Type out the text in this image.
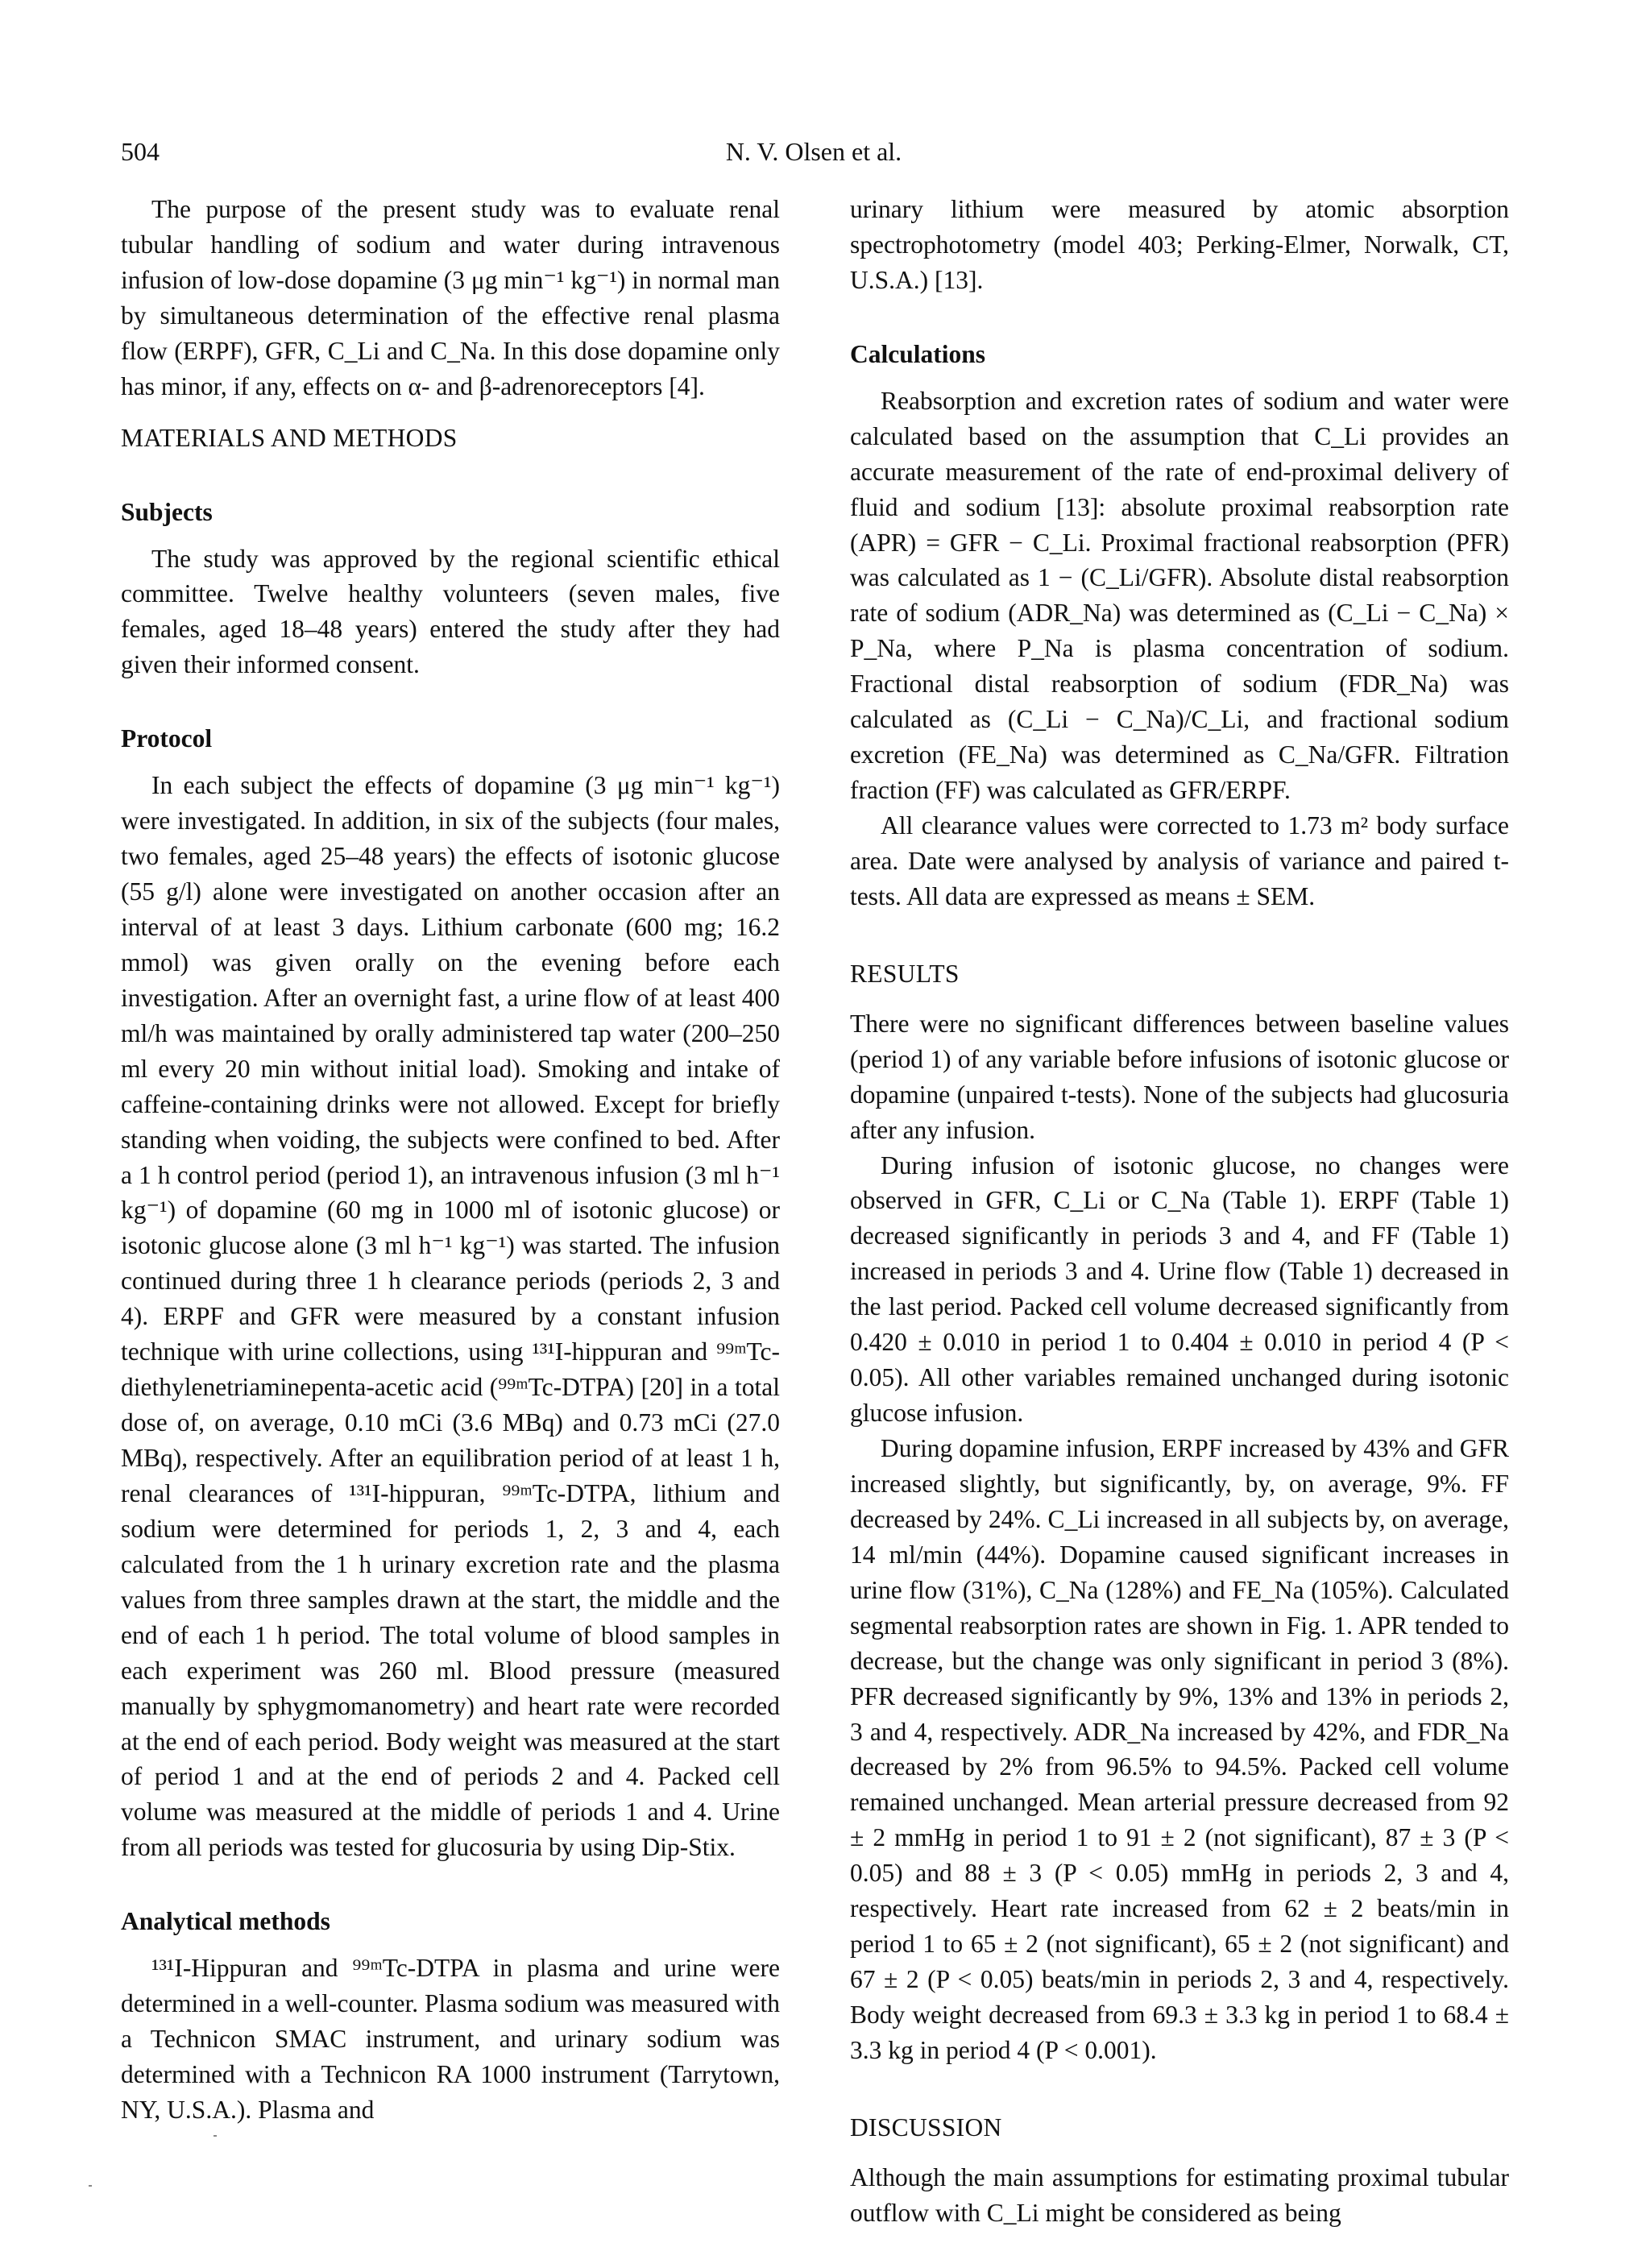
504	N. V. Olsen et al.

The purpose of the present study was to evaluate renal tubular handling of sodium and water during intravenous infusion of low-dose dopamine (3 μg min⁻¹ kg⁻¹) in normal man by simultaneous determination of the effective renal plasma flow (ERPF), GFR, C_Li and C_Na. In this dose dopamine only has minor, if any, effects on α- and β-adrenoreceptors [4].

MATERIALS AND METHODS
Subjects

The study was approved by the regional scientific ethical committee. Twelve healthy volunteers (seven males, five females, aged 18–48 years) entered the study after they had given their informed consent.

Protocol

In each subject the effects of dopamine (3 μg min⁻¹ kg⁻¹) were investigated. In addition, in six of the subjects (four males, two females, aged 25–48 years) the effects of isotonic glucose (55 g/l) alone were investigated on another occasion after an interval of at least 3 days. Lithium carbonate (600 mg; 16.2 mmol) was given orally on the evening before each investigation. After an overnight fast, a urine flow of at least 400 ml/h was maintained by orally administered tap water (200–250 ml every 20 min without initial load). Smoking and intake of caffeine-containing drinks were not allowed. Except for briefly standing when voiding, the subjects were confined to bed. After a 1 h control period (period 1), an intravenous infusion (3 ml h⁻¹ kg⁻¹) of dopamine (60 mg in 1000 ml of isotonic glucose) or isotonic glucose alone (3 ml h⁻¹ kg⁻¹) was started. The infusion continued during three 1 h clearance periods (periods 2, 3 and 4). ERPF and GFR were measured by a constant infusion technique with urine collections, using ¹³¹I-hippuran and ⁹⁹ᵐTc-diethylenetriaminepenta-acetic acid (⁹⁹ᵐTc-DTPA) [20] in a total dose of, on average, 0.10 mCi (3.6 MBq) and 0.73 mCi (27.0 MBq), respectively. After an equilibration period of at least 1 h, renal clearances of ¹³¹I-hippuran, ⁹⁹ᵐTc-DTPA, lithium and sodium were determined for periods 1, 2, 3 and 4, each calculated from the 1 h urinary excretion rate and the plasma values from three samples drawn at the start, the middle and the end of each 1 h period. The total volume of blood samples in each experiment was 260 ml. Blood pressure (measured manually by sphygmomanometry) and heart rate were recorded at the end of each period. Body weight was measured at the start of period 1 and at the end of periods 2 and 4. Packed cell volume was measured at the middle of periods 1 and 4. Urine from all periods was tested for glucosuria by using Dip-Stix.

Analytical methods

¹³¹I-Hippuran and ⁹⁹ᵐTc-DTPA in plasma and urine were determined in a well-counter. Plasma sodium was measured with a Technicon SMAC instrument, and urinary sodium was determined with a Technicon RA 1000 instrument (Tarrytown, NY, U.S.A.). Plasma and

urinary lithium were measured by atomic absorption spectrophotometry (model 403; Perking-Elmer, Norwalk, CT, U.S.A.) [13].

Calculations

Reabsorption and excretion rates of sodium and water were calculated based on the assumption that C_Li provides an accurate measurement of the rate of end-proximal delivery of fluid and sodium [13]: absolute proximal reabsorption rate (APR) = GFR − C_Li. Proximal fractional reabsorption (PFR) was calculated as 1 − (C_Li/GFR). Absolute distal reabsorption rate of sodium (ADR_Na) was determined as (C_Li − C_Na) × P_Na, where P_Na is plasma concentration of sodium. Fractional distal reabsorption of sodium (FDR_Na) was calculated as (C_Li − C_Na)/C_Li, and fractional sodium excretion (FE_Na) was determined as C_Na/GFR. Filtration fraction (FF) was calculated as GFR/ERPF.

All clearance values were corrected to 1.73 m² body surface area. Date were analysed by analysis of variance and paired t-tests. All data are expressed as means ± SEM.

RESULTS

There were no significant differences between baseline values (period 1) of any variable before infusions of isotonic glucose or dopamine (unpaired t-tests). None of the subjects had glucosuria after any infusion.

During infusion of isotonic glucose, no changes were observed in GFR, C_Li or C_Na (Table 1). ERPF (Table 1) decreased significantly in periods 3 and 4, and FF (Table 1) increased in periods 3 and 4. Urine flow (Table 1) decreased in the last period. Packed cell volume decreased significantly from 0.420 ± 0.010 in period 1 to 0.404 ± 0.010 in period 4 (P < 0.05). All other variables remained unchanged during isotonic glucose infusion.

During dopamine infusion, ERPF increased by 43% and GFR increased slightly, but significantly, by, on average, 9%. FF decreased by 24%. C_Li increased in all subjects by, on average, 14 ml/min (44%). Dopamine caused significant increases in urine flow (31%), C_Na (128%) and FE_Na (105%). Calculated segmental reabsorption rates are shown in Fig. 1. APR tended to decrease, but the change was only significant in period 3 (8%). PFR decreased significantly by 9%, 13% and 13% in periods 2, 3 and 4, respectively. ADR_Na increased by 42%, and FDR_Na decreased by 2% from 96.5% to 94.5%. Packed cell volume remained unchanged. Mean arterial pressure decreased from 92 ± 2 mmHg in period 1 to 91 ± 2 (not significant), 87 ± 3 (P < 0.05) and 88 ± 3 (P < 0.05) mmHg in periods 2, 3 and 4, respectively. Heart rate increased from 62 ± 2 beats/min in period 1 to 65 ± 2 (not significant), 65 ± 2 (not significant) and 67 ± 2 (P < 0.05) beats/min in periods 2, 3 and 4, respectively. Body weight decreased from 69.3 ± 3.3 kg in period 1 to 68.4 ± 3.3 kg in period 4 (P < 0.001).

DISCUSSION

Although the main assumptions for estimating proximal tubular outflow with C_Li might be considered as being
